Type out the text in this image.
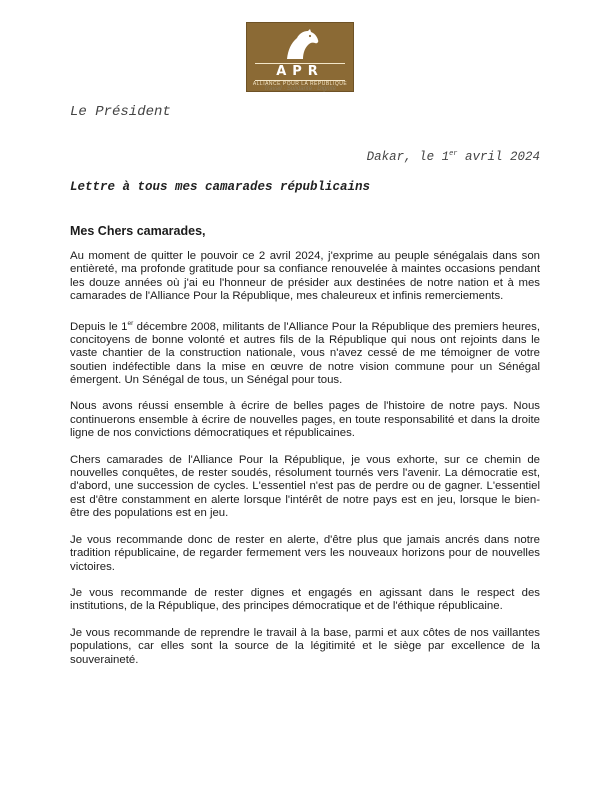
APR
ALLIANCE POUR LA REPUBLIQUE
Travail · Solidarité · Dignité
Le Président
Dakar, le 1er avril 2024
Lettre à tous mes camarades républicains
Mes Chers camarades,

Au moment de quitter le pouvoir ce 2 avril 2024, j'exprime au peuple sénégalais dans son entièreté, ma profonde gratitude pour sa confiance renouvelée à maintes occasions pendant les douze années où j'ai eu l'honneur de présider aux destinées de notre nation et à mes camarades de l'Alliance Pour la République, mes chaleureux et infinis remerciements.

Depuis le 1er décembre 2008, militants de l'Alliance Pour la République des premiers heures, concitoyens de bonne volonté et autres fils de la République qui nous ont rejoints dans le vaste chantier de la construction nationale, vous n'avez cessé de me témoigner de votre soutien indéfectible dans la mise en œuvre de notre vision commune pour un Sénégal émergent. Un Sénégal de tous, un Sénégal pour tous.

Nous avons réussi ensemble à écrire de belles pages de l'histoire de notre pays. Nous continuerons ensemble à écrire de nouvelles pages, en toute responsabilité et dans la droite ligne de nos convictions démocratiques et républicaines.

Chers camarades de l'Alliance Pour la République, je vous exhorte, sur ce chemin de nouvelles conquêtes, de rester soudés, résolument tournés vers l'avenir. La démocratie est, d'abord, une succession de cycles. L'essentiel n'est pas de perdre ou de gagner. L'essentiel est d'être constamment en alerte lorsque l'intérêt de notre pays est en jeu, lorsque le bien-être des populations est en jeu.

Je vous recommande donc de rester en alerte, d'être plus que jamais ancrés dans notre tradition républicaine, de regarder fermement vers les nouveaux horizons pour de nouvelles victoires.

Je vous recommande de rester dignes et engagés en agissant dans le respect des institutions, de la République, des principes démocratique et de l'éthique républicaine.

Je vous recommande de reprendre le travail à la base, parmi et aux côtes de nos vaillantes populations, car elles sont la source de la légitimité et le siège par excellence de la souveraineté.
